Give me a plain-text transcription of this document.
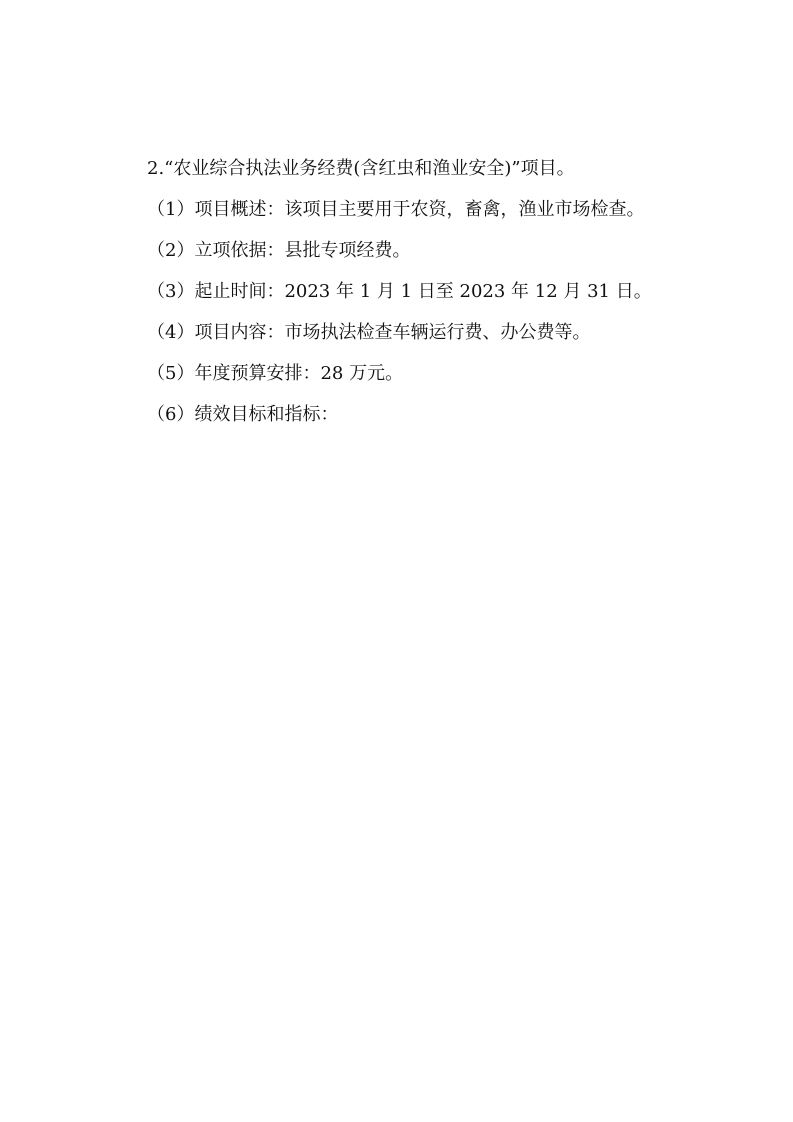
2.“农业综合执法业务经费(含红虫和渔业安全)”项目。

（1）项目概述：该项目主要用于农资，畜禽，渔业市场检查。

（2）立项依据：县批专项经费。

（3）起止时间：2023 年 1 月 1 日至 2023 年 12 月 31 日。

（4）项目内容：市场执法检查车辆运行费、办公费等。

（5）年度预算安排：28 万元。

（6）绩效目标和指标：
